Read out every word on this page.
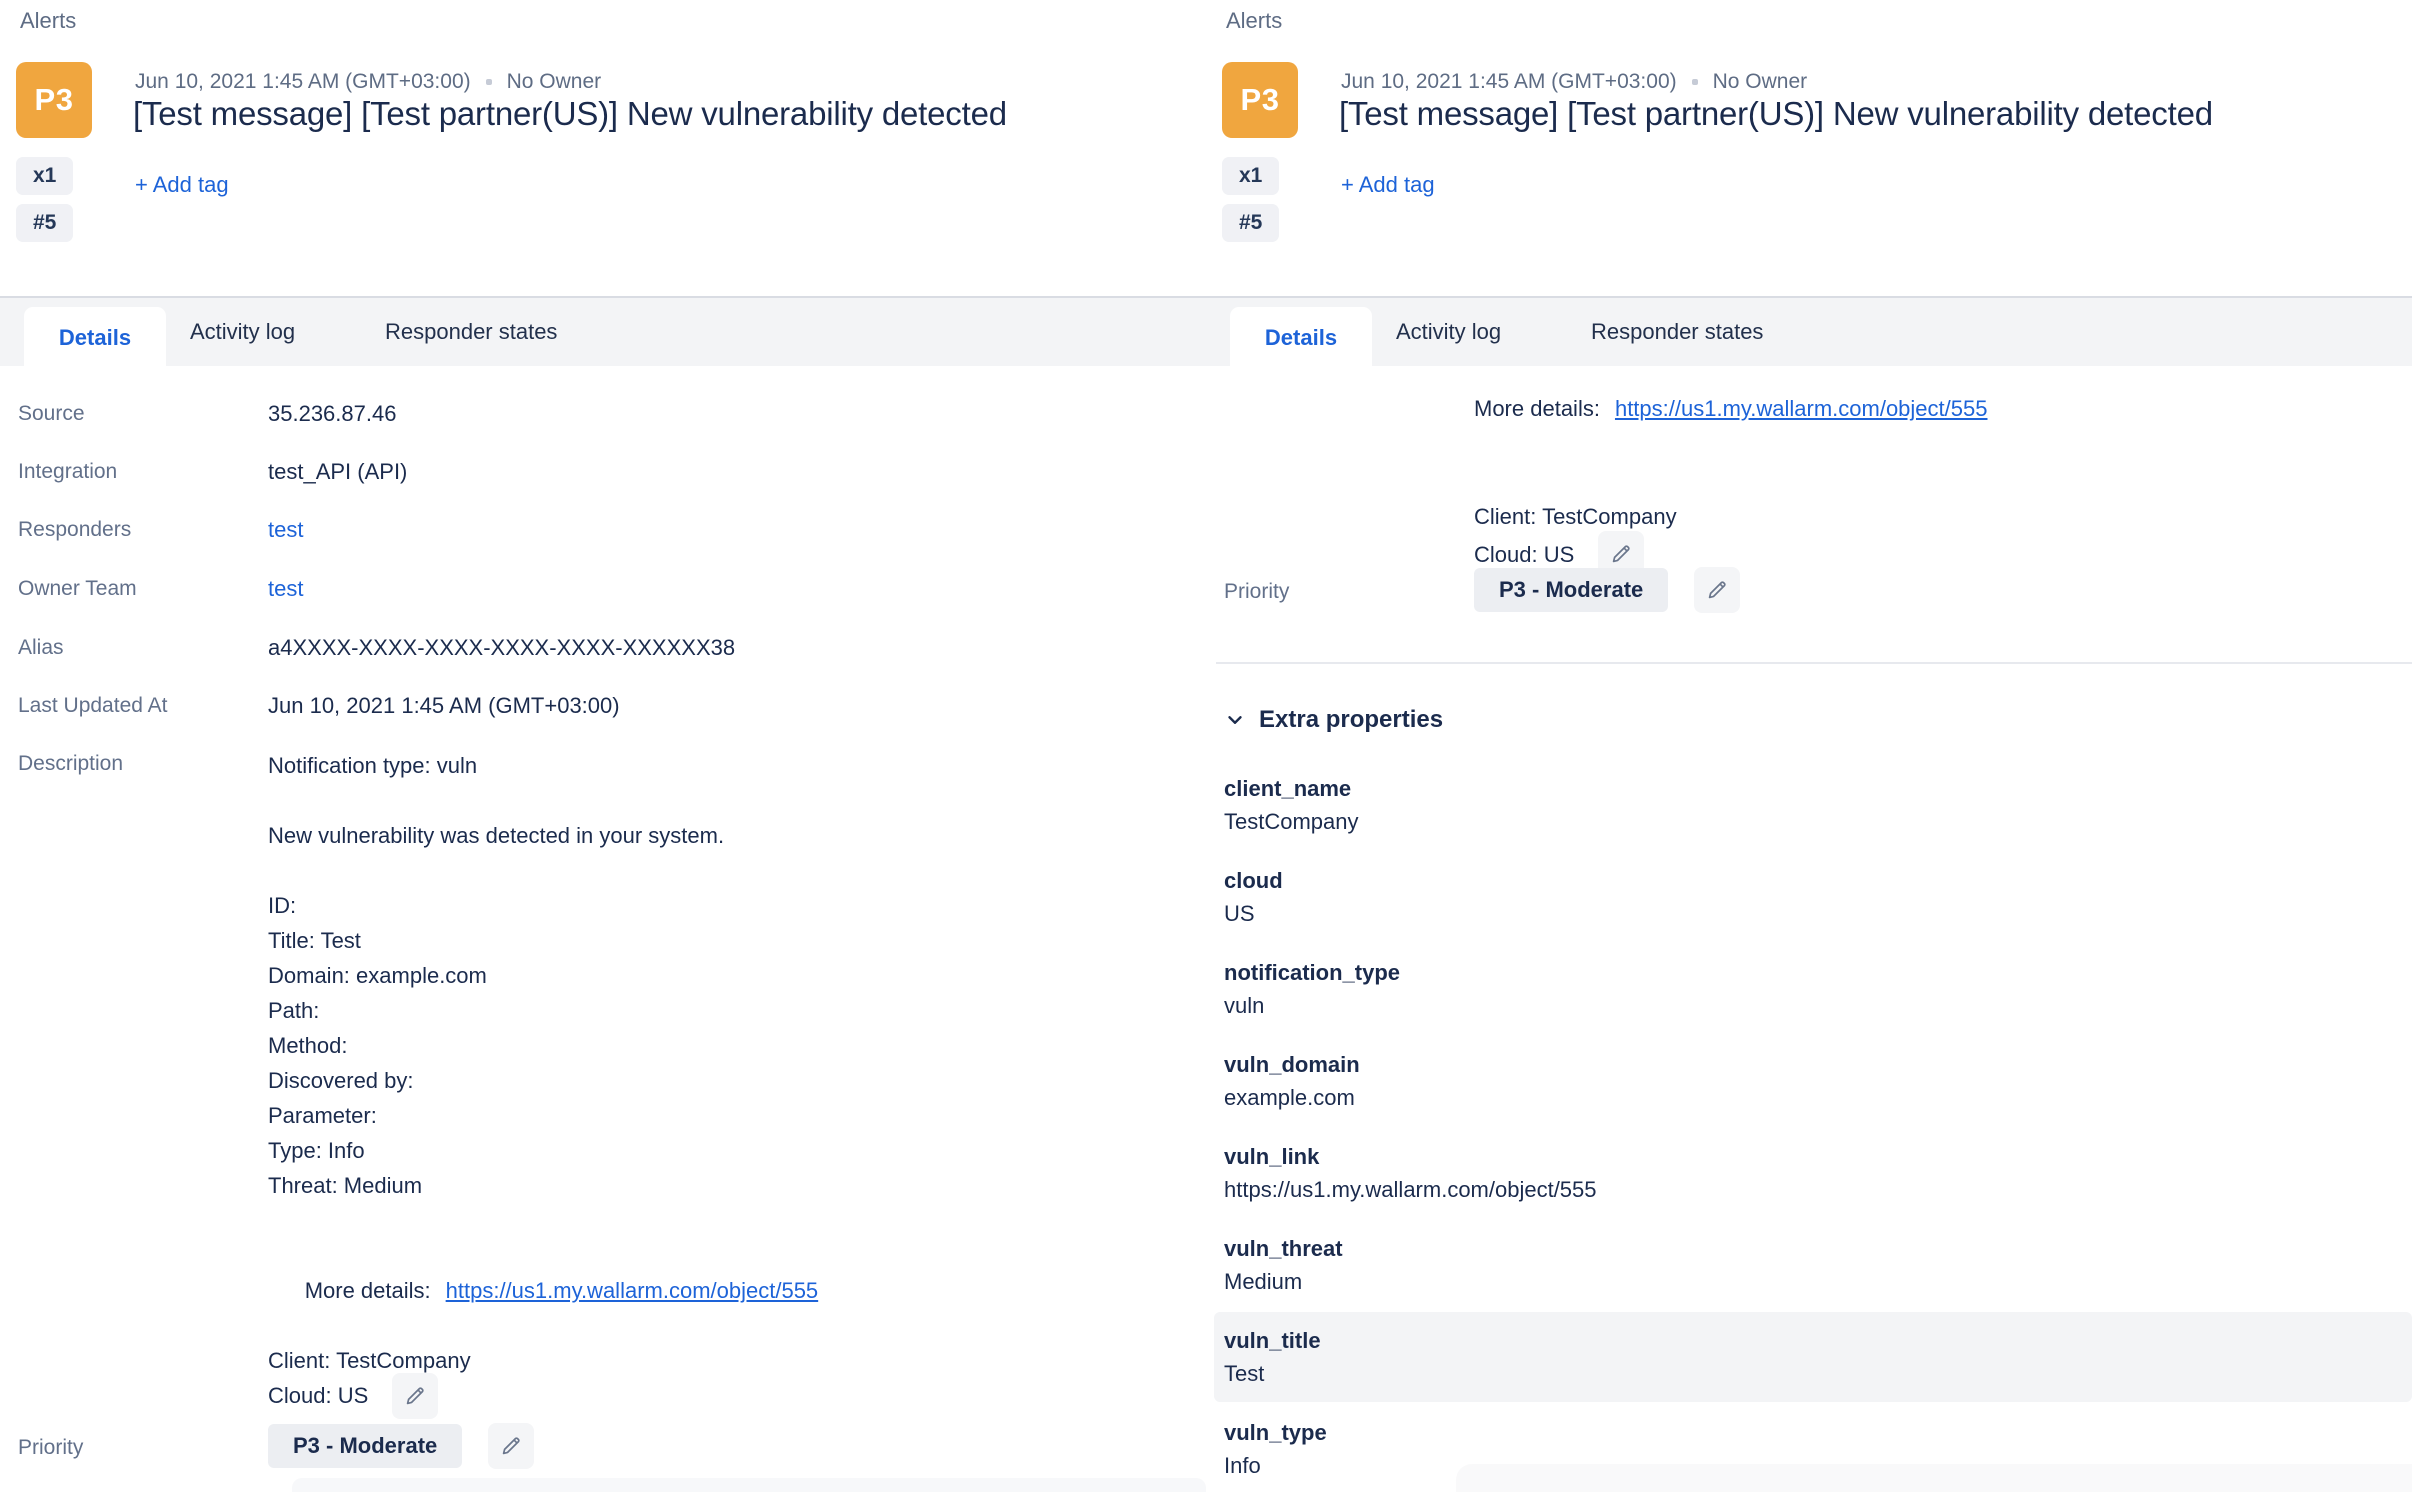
Alerts
P3
Jun 10, 2021 1:45 AM (GMT+03:00) No Owner
[Test message] [Test partner(US)] New vulnerability detected
x1
#5
+ Add tag
Details	Activity log	Responder states
Source	35.236.87.46
Integration	test_API (API)
Responders	test
Owner Team	test
Alias	a4XXXX-XXXX-XXXX-XXXX-XXXX-XXXXXX38
Last Updated At	Jun 10, 2021 1:45 AM (GMT+03:00)
Description	Notification type: vuln
New vulnerability was detected in your system.
ID:
Title: Test
Domain: example.com
Path:
Method:
Discovered by:
Parameter:
Type: Info
Threat: Medium

More details: https://us1.my.wallarm.com/object/555

Client: TestCompany
Cloud: US
Priority	P3 - Moderate
Alerts
P3
Jun 10, 2021 1:45 AM (GMT+03:00) No Owner
[Test message] [Test partner(US)] New vulnerability detected
x1
#5
+ Add tag
Details	Activity log	Responder states
More details: https://us1.my.wallarm.com/object/555
Client: TestCompany
Cloud: US
Priority	P3 - Moderate
Extra properties
client_name
TestCompany
cloud
US
notification_type
vuln
vuln_domain
example.com
vuln_link
https://us1.my.wallarm.com/object/555
vuln_threat
Medium
vuln_title
Test
vuln_type
Info
